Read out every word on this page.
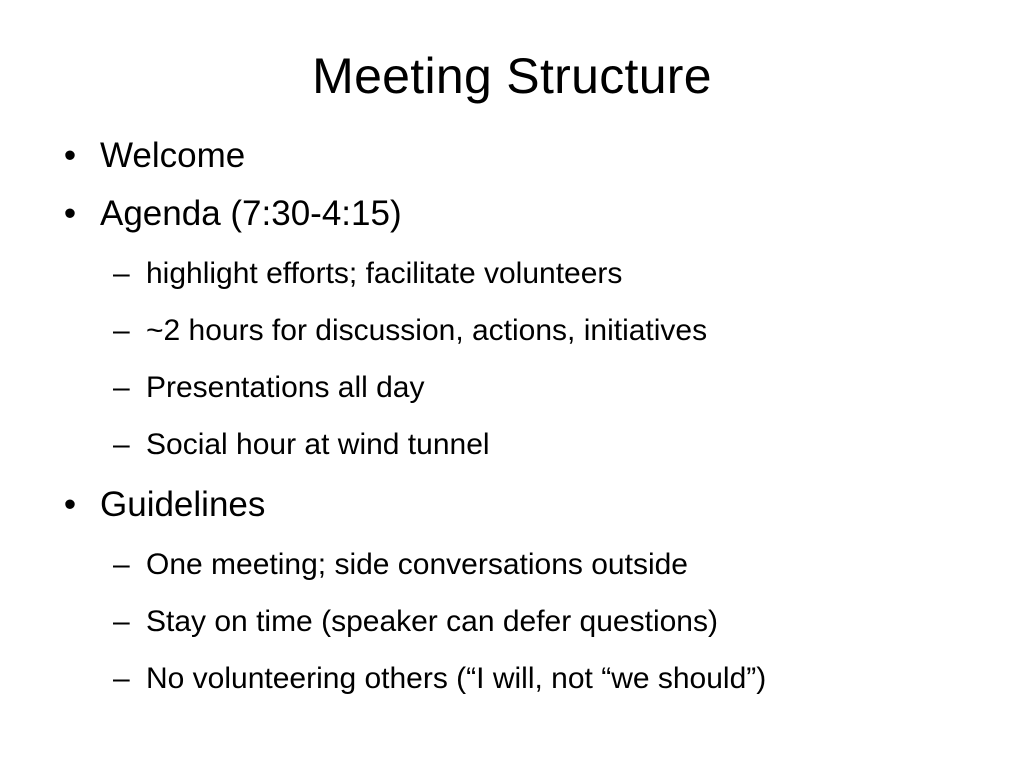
Meeting Structure
• Welcome
• Agenda (7:30-4:15)
– highlight efforts; facilitate volunteers
– ~2 hours for discussion, actions, initiatives
– Presentations all day
– Social hour at wind tunnel
• Guidelines
– One meeting; side conversations outside
– Stay on time (speaker can defer questions)
– No volunteering others (“I will, not “we should”)
